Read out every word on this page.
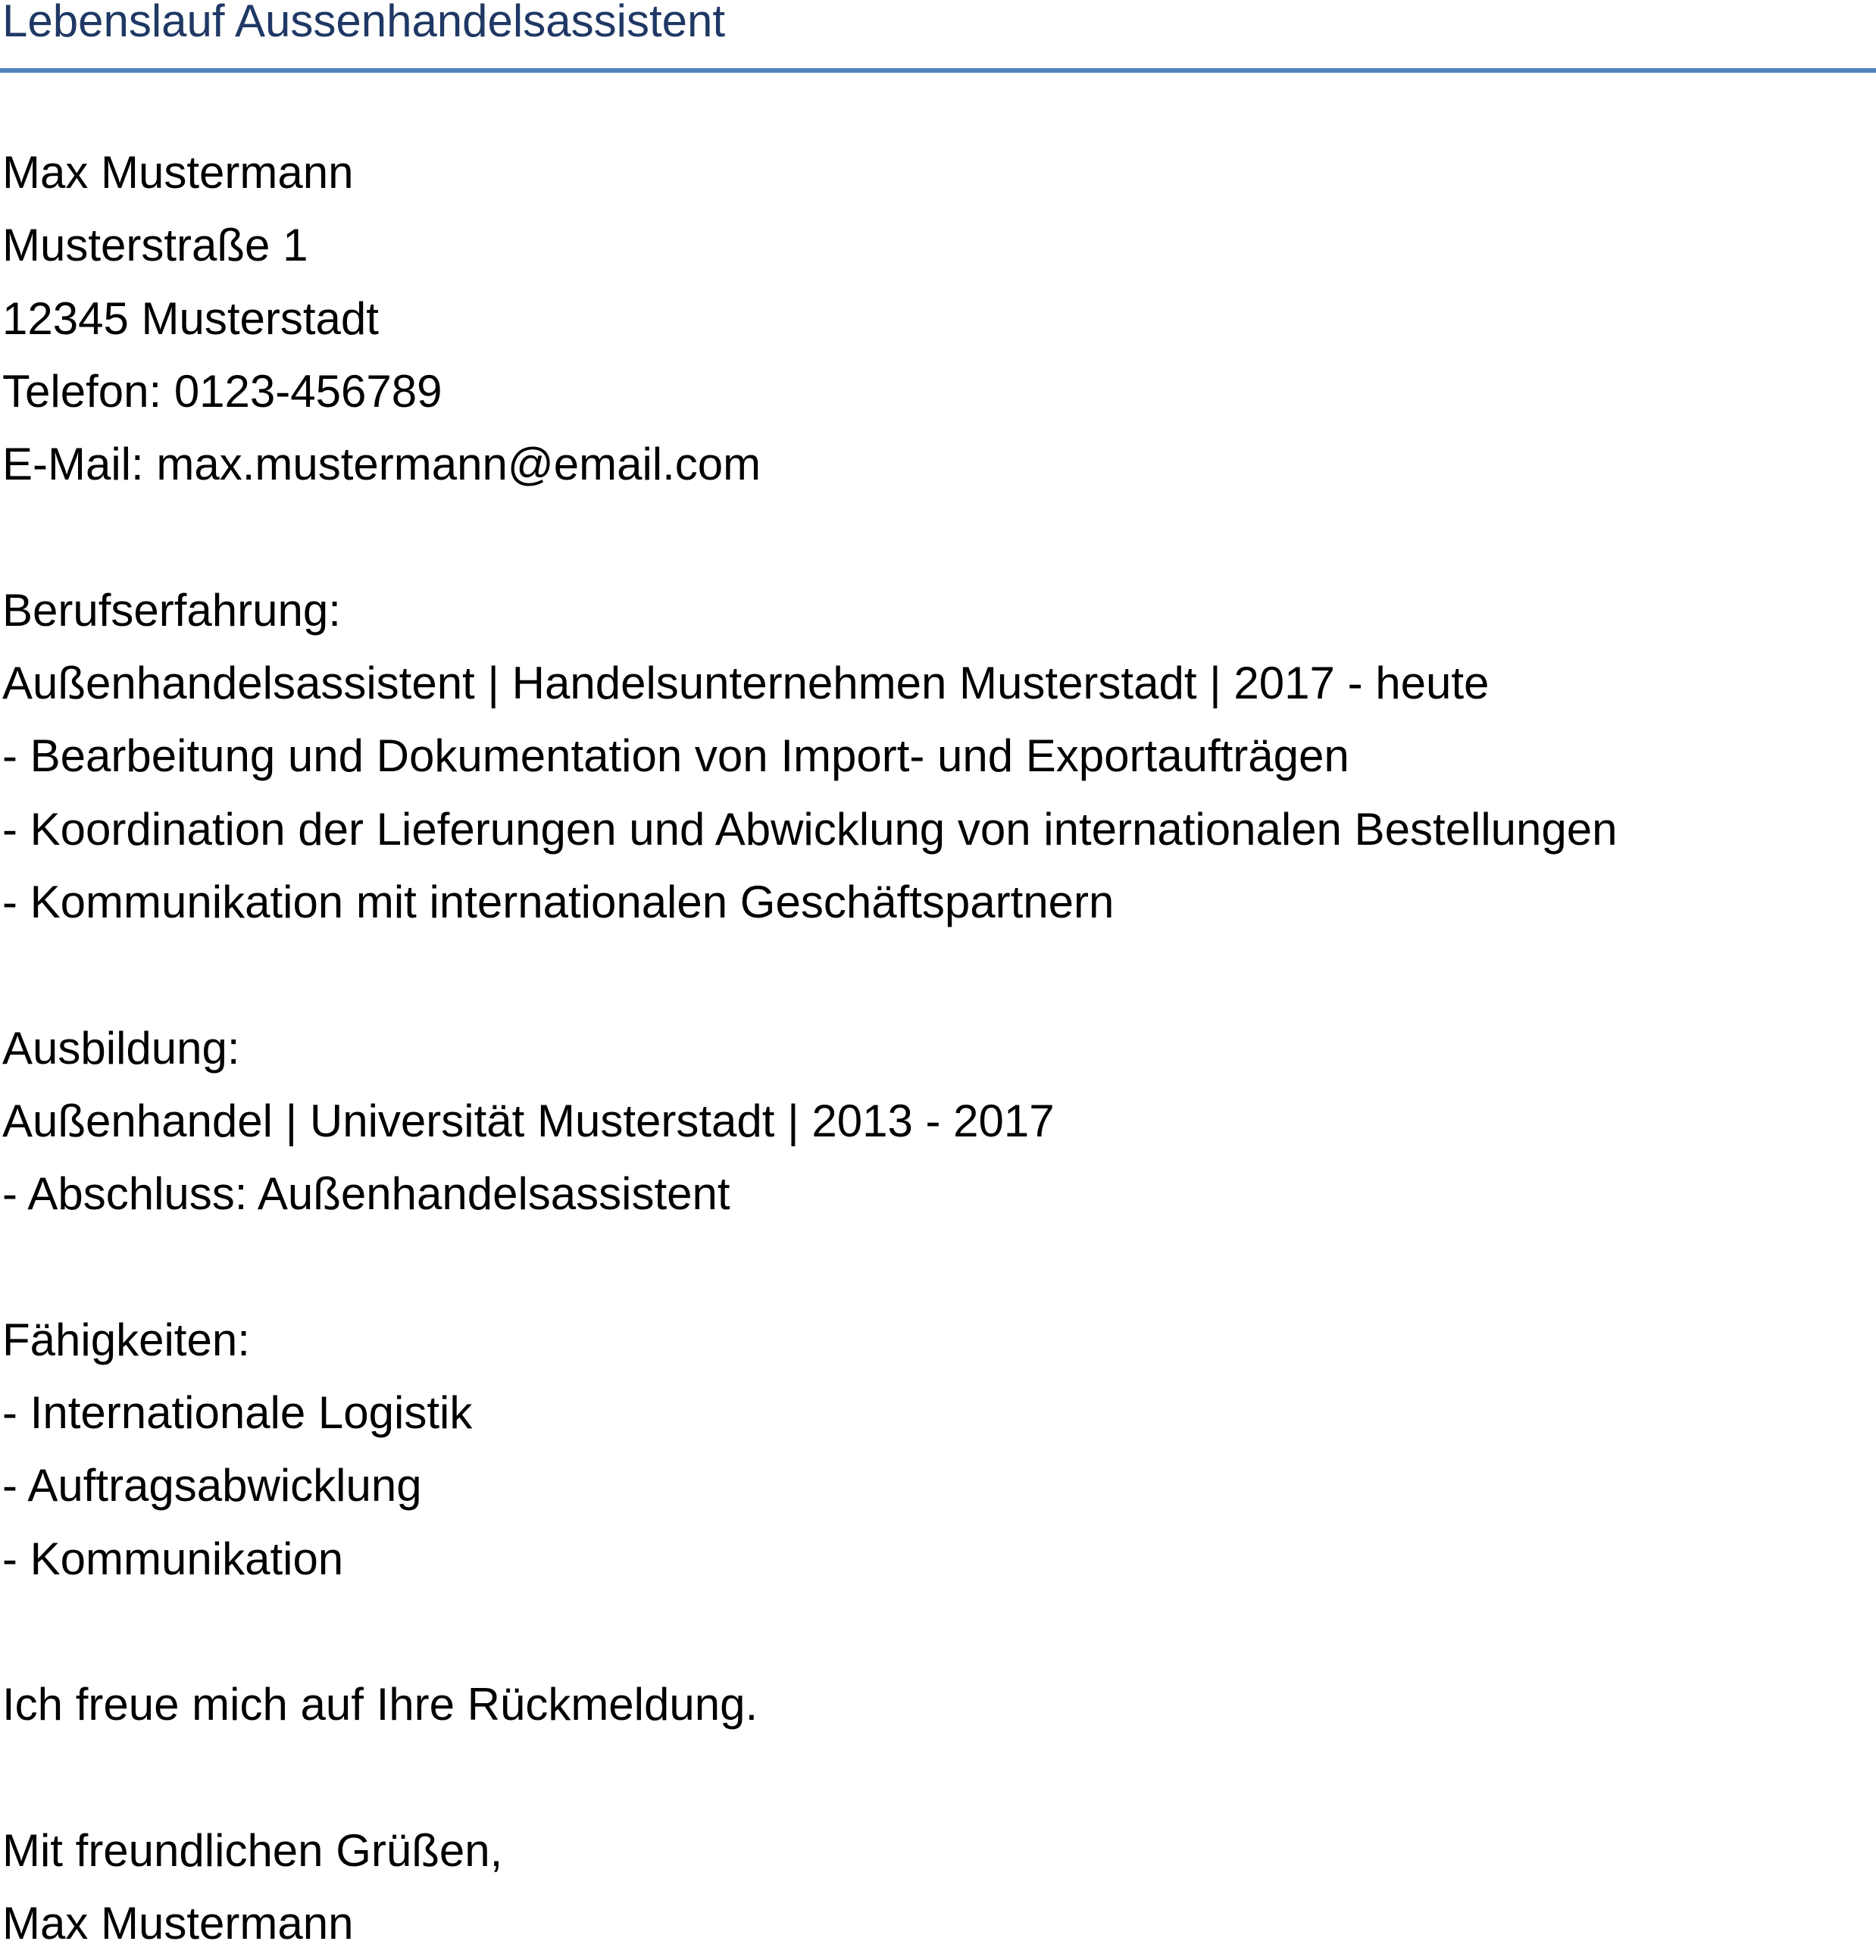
Lebenslauf Aussenhandelsassistent
Max Mustermann
Musterstraße 1
12345 Musterstadt
Telefon: 0123-456789
E-Mail: max.mustermann@email.com
Berufserfahrung:
Außenhandelsassistent | Handelsunternehmen Musterstadt | 2017 - heute
- Bearbeitung und Dokumentation von Import- und Exportaufträgen
- Koordination der Lieferungen und Abwicklung von internationalen Bestellungen
- Kommunikation mit internationalen Geschäftspartnern
Ausbildung:
Außenhandel | Universität Musterstadt | 2013 - 2017
- Abschluss: Außenhandelsassistent
Fähigkeiten:
- Internationale Logistik
- Auftragsabwicklung
- Kommunikation
Ich freue mich auf Ihre Rückmeldung.
Mit freundlichen Grüßen,
Max Mustermann
